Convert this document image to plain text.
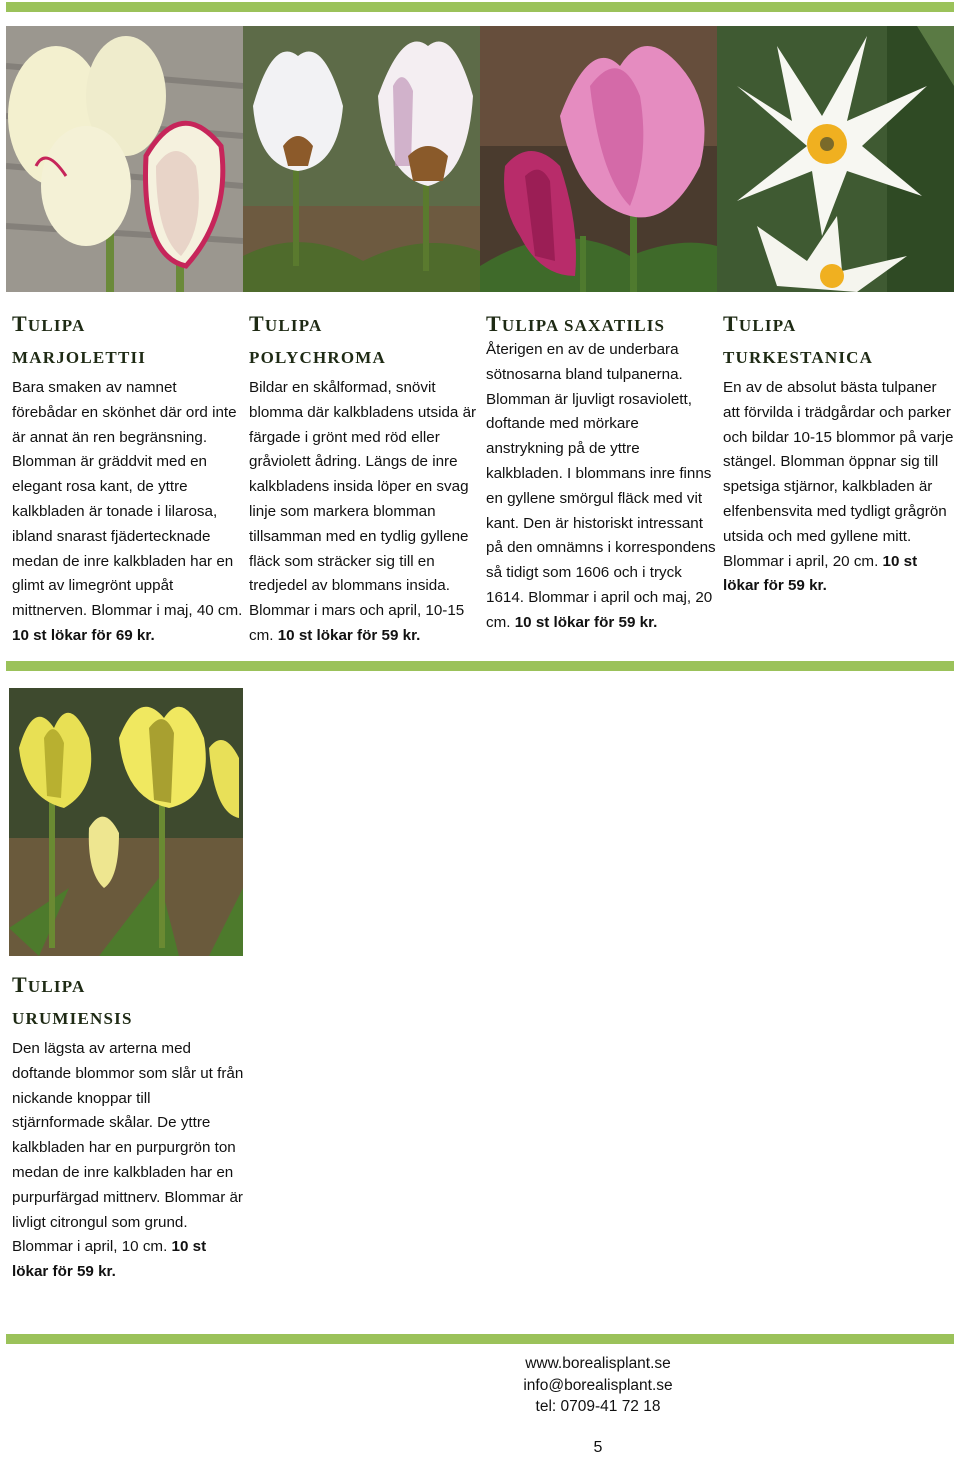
TULIPA
MARJOLETTII

Bara smaken av namnet förebådar en skönhet där ord inte är annat än ren begränsning. Blomman är gräddvit med en elegant rosa kant, de yttre kalkbladen är tonade i lilarosa, ibland snarast fjädertecknade medan de inre kalkbladen har en glimt av limegrönt uppåt mittnerven. Blommar i maj, 40 cm. 10 st lökar för 69 kr.

TULIPA
POLYCHROMA

Bildar en skålformad, snövit blomma där kalkbladens utsida är färgade i grönt med röd eller gråviolett ådring. Längs de inre kalkbladens insida löper en svag linje som markera blomman tillsamman med en tydlig gyllene fläck som sträcker sig till en tredjedel av blommans insida. Blommar i mars och april, 10-15 cm. 10 st lökar för 59 kr.

TULIPA SAXATILIS

Återigen en av de underbara sötnosarna bland tulpanerna. Blomman är ljuvligt rosaviolett, doftande med mörkare anstrykning på de yttre kalkbladen. I blommans inre finns en gyllene smörgul fläck med vit kant. Den är historiskt intressant på den omnämns i korrespondens så tidigt som 1606 och i tryck 1614. Blommar i april och maj, 20 cm. 10 st lökar för 59 kr.

TULIPA
TURKESTANICA

En av de absolut bästa tulpaner att förvilda i trädgårdar och parker och bildar 10-15 blommor på varje stängel. Blomman öppnar sig till spetsiga stjärnor, kalkbladen är elfenbensvita med tydligt grågrön utsida och med gyllene mitt. Blommar i april, 20 cm. 10 st lökar för 59 kr.

TULIPA
URUMIENSIS

Den lägsta av arterna med doftande blommor som slår ut från nickande knoppar till stjärnformade skålar. De yttre kalkbladen har en purpurgrön ton medan de inre kalkbladen har en purpurfärgad mittnerv. Blommar är livligt citrongul som grund. Blommar i april, 10 cm. 10 st lökar för 59 kr.

www.borealisplant.se
info@borealisplant.se
tel: 0709-41 72 18
5
